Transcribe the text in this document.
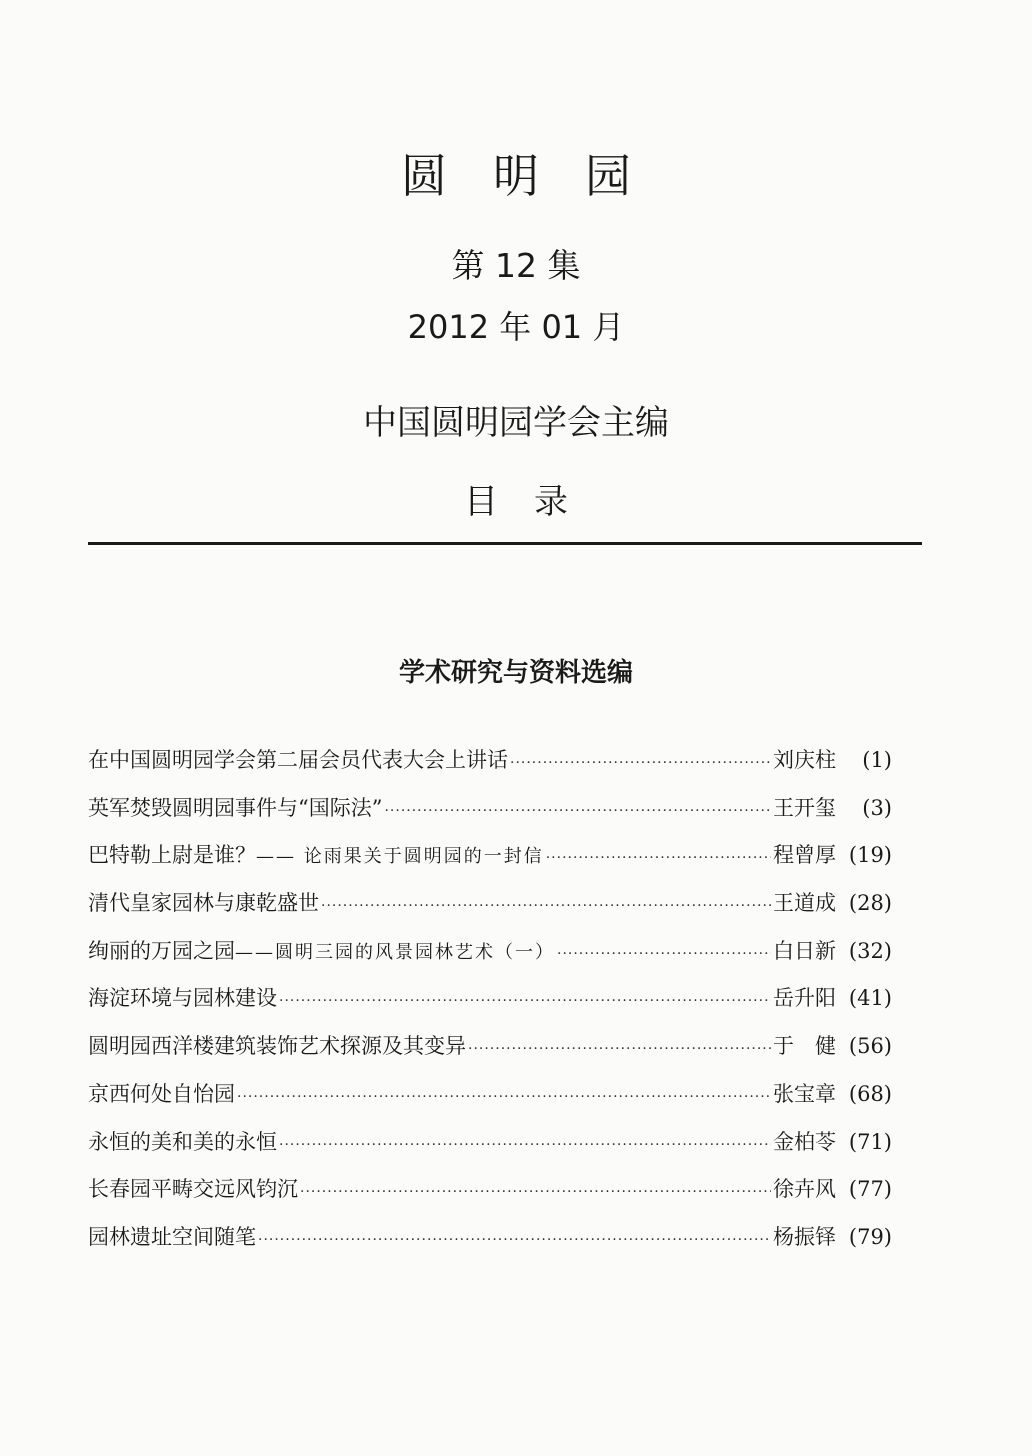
圆明园
第 12 集
2012 年 01 月
中国圆明园学会主编
目录
学术研究与资料选编
在中国圆明园学会第二届会员代表大会上讲话 ·····	刘庆柱	(1)
英军焚毁圆明园事件与“国际法” ·····	王开玺	(3)
巴特勒上尉是谁？ —— 论雨果关于圆明园的一封信 ·····	程曾厚 (19)
清代皇家园林与康乾盛世 ·····	王道成 (28)
绚丽的万园之园 ——圆明三园的风景园林艺术（一） ·····	白日新 (32)
海淀环境与园林建设 ·····	岳升阳 (41)
圆明园西洋楼建筑装饰艺术探源及其变异 ·····	于　健 (56)
京西何处自怡园 ·····	张宝章 (68)
永恒的美和美的永恒 ·····	金柏苓 (71)
长春园平畴交远风钧沉 ·····	徐卉风 (77)
园林遗址空间随笔 ·····	杨振铎 (79)
